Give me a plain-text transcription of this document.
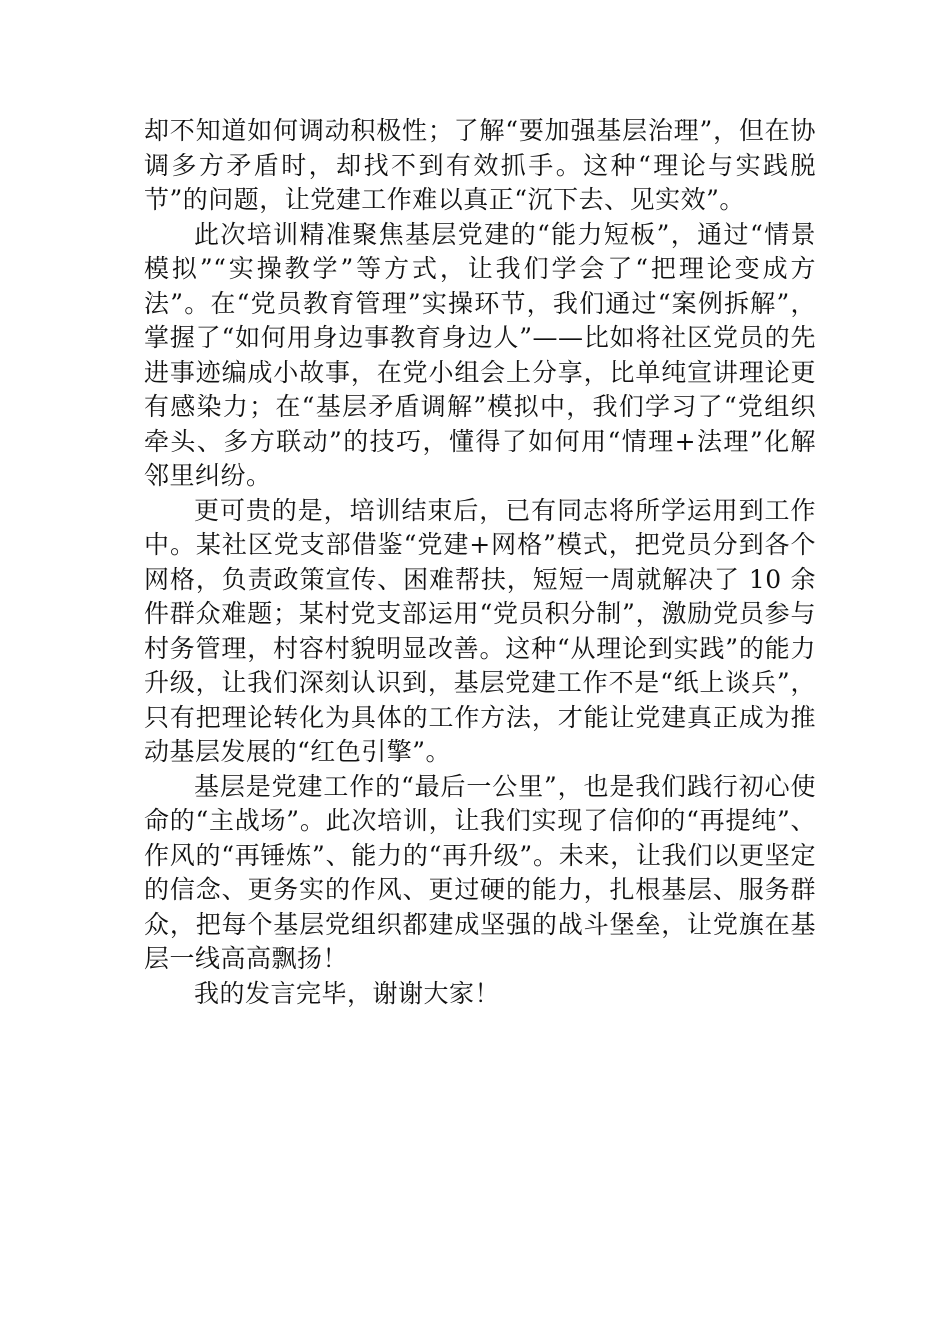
却不知道如何调动积极性；了解“要加强基层治理”，但在协调多方矛盾时，却找不到有效抓手。这种“理论与实践脱节”的问题，让党建工作难以真正“沉下去、见实效”。

此次培训精准聚焦基层党建的“能力短板”，通过“情景模拟”“实操教学”等方式，让我们学会了“把理论变成方法”。在“党员教育管理”实操环节，我们通过“案例拆解”，掌握了“如何用身边事教育身边人”——比如将社区党员的先进事迹编成小故事，在党小组会上分享，比单纯宣讲理论更有感染力；在“基层矛盾调解”模拟中，我们学习了“党组织牵头、多方联动”的技巧，懂得了如何用“情理+法理”化解邻里纠纷。

更可贵的是，培训结束后，已有同志将所学运用到工作中。某社区党支部借鉴“党建+网格”模式，把党员分到各个网格，负责政策宣传、困难帮扶，短短一周就解决了 10 余件群众难题；某村党支部运用“党员积分制”，激励党员参与村务管理，村容村貌明显改善。这种“从理论到实践”的能力升级，让我们深刻认识到，基层党建工作不是“纸上谈兵”，只有把理论转化为具体的工作方法，才能让党建真正成为推动基层发展的“红色引擎”。

基层是党建工作的“最后一公里”，也是我们践行初心使命的“主战场”。此次培训，让我们实现了信仰的“再提纯”、作风的“再锤炼”、能力的“再升级”。未来，让我们以更坚定的信念、更务实的作风、更过硬的能力，扎根基层、服务群众，把每个基层党组织都建成坚强的战斗堡垒，让党旗在基层一线高高飘扬！

我的发言完毕，谢谢大家！
